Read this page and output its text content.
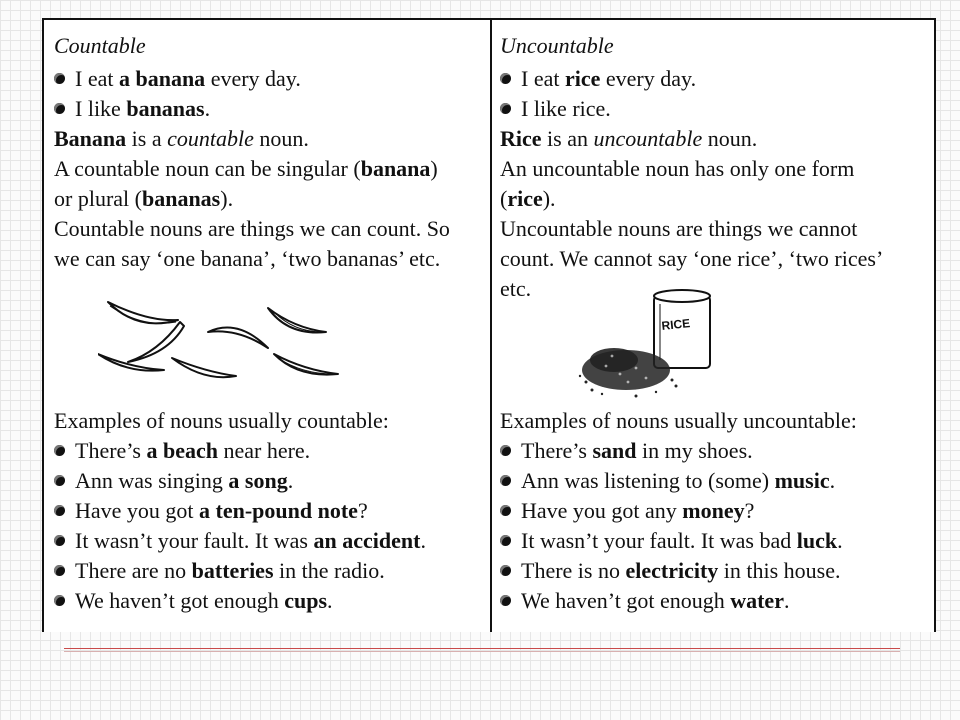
Countable
I eat a banana every day.
I like bananas.
Banana is a countable noun.
A countable noun can be singular (banana)
or plural (bananas).
Countable nouns are things we can count. So
we can say ‘one banana’, ‘two bananas’ etc.
Examples of nouns usually countable:
There’s a beach near here.
Ann was singing a song.
Have you got a ten-pound note?
It wasn’t your fault. It was an accident.
There are no batteries in the radio.
We haven’t got enough cups.
Uncountable
I eat rice every day.
I like rice.
Rice is an uncountable noun.
An uncountable noun has only one form
(rice).
Uncountable nouns are things we cannot
count. We cannot say ‘one rice’, ‘two rices’
etc.
RICE
Examples of nouns usually uncountable:
There’s sand in my shoes.
Ann was listening to (some) music.
Have you got any money?
It wasn’t your fault. It was bad luck.
There is no electricity in this house.
We haven’t got enough water.
